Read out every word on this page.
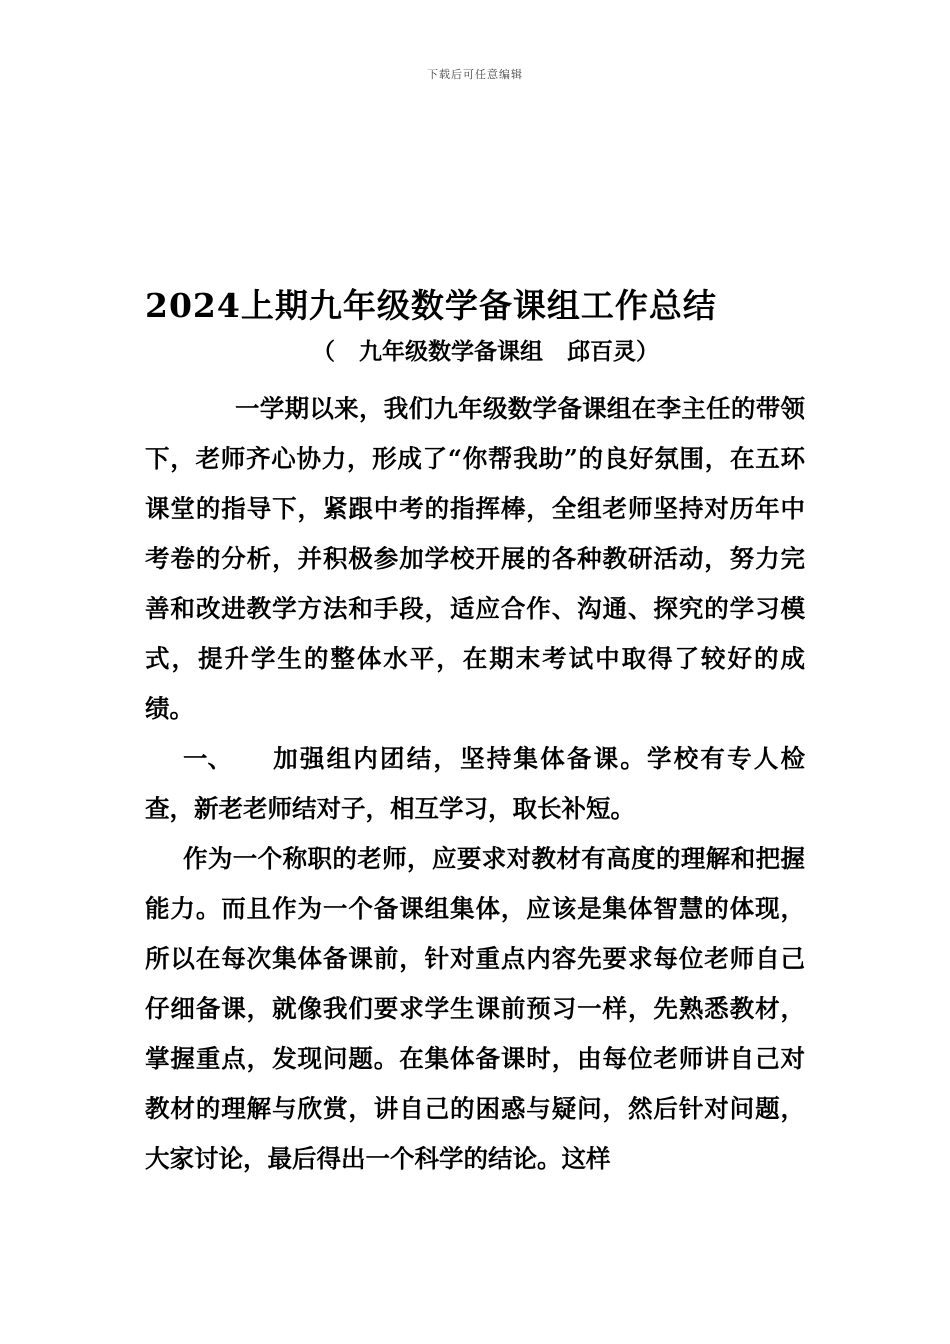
下载后可任意编辑
2024上期九年级数学备课组工作总结
（   九年级数学备课组   邱百灵）

一学期以来，我们九年级数学备课组在李主任的带领下，老师齐心协力，形成了“你帮我助”的良好氛围，在五环课堂的指导下，紧跟中考的指挥棒，全组老师坚持对历年中考卷的分析，并积极参加学校开展的各种教研活动，努力完善和改进教学方法和手段，适应合作、沟通、探究的学习模式，提升学生的整体水平，在期末考试中取得了较好的成绩。

一、 加强组内团结，坚持集体备课。学校有专人检查，新老老师结对子，相互学习，取长补短。

作为一个称职的老师，应要求对教材有高度的理解和把握能力。而且作为一个备课组集体，应该是集体智慧的体现，所以在每次集体备课前，针对重点内容先要求每位老师自己仔细备课，就像我们要求学生课前预习一样，先熟悉教材，掌握重点，发现问题。在集体备课时，由每位老师讲自己对教材的理解与欣赏，讲自己的困惑与疑问，然后针对问题，大家讨论，最后得出一个科学的结论。这样
